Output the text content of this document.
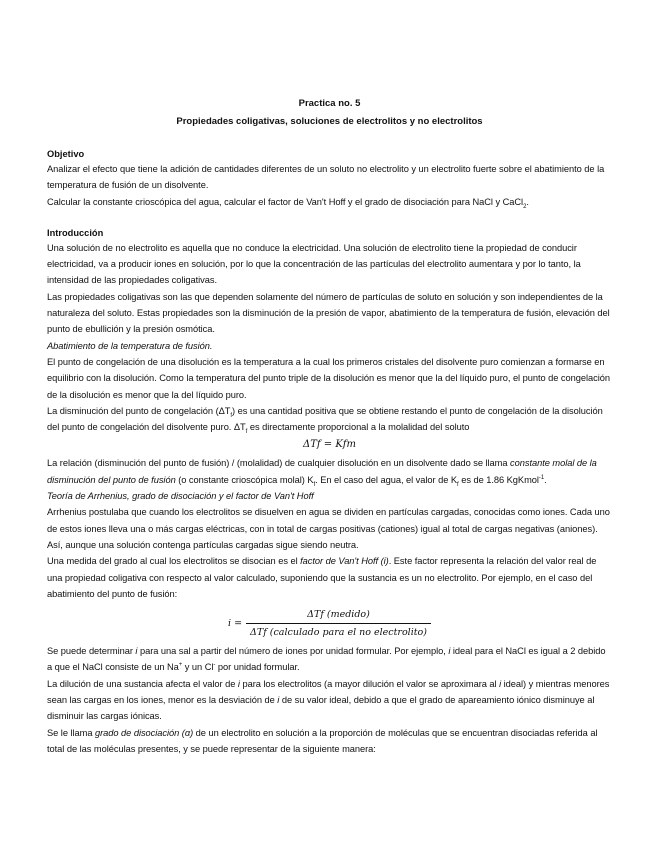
Practica no. 5
Propiedades coligativas, soluciones de electrolitos y no electrolitos
Objetivo

Analizar el efecto que tiene la adición de cantidades diferentes de un soluto no electrolito y un electrolito fuerte sobre el abatimiento de la temperatura de fusión de un disolvente.

Calcular la constante crioscópica del agua, calcular el factor de Van't Hoff y el grado de disociación para NaCl y CaCl$_2$.

Introducción

Una solución de no electrolito es aquella que no conduce la electricidad. Una solución de electrolito tiene la propiedad de conducir electricidad, va a producir iones en solución, por lo que la concentración de las partículas del electrolito aumentara y por lo tanto, la intensidad de las propiedades coligativas.

Las propiedades coligativas son las que dependen solamente del número de partículas de soluto en solución y son independientes de la naturaleza del soluto. Estas propiedades son la disminución de la presión de vapor, abatimiento de la temperatura de fusión, elevación del punto de ebullición y la presión osmótica.

Abatimiento de la temperatura de fusión.

El punto de congelación de una disolución es la temperatura a la cual los primeros cristales del disolvente puro comienzan a formarse en equilibrio con la disolución. Como la temperatura del punto triple de la disolución es menor que la del líquido puro, el punto de congelación de la disolución es menor que la del líquido puro.

La disminución del punto de congelación $(\Delta T_f)$ es una cantidad positiva que se obtiene restando el punto de congelación de la disolución del punto de congelación del disolvente puro. $\Delta T_f$ es directamente proporcional a la molalidad del soluto

ΔTf = Kfm

La relación (disminución del punto de fusión) / (molalidad) de cualquier disolución en un disolvente dado se llama constante molal de la disminución del punto de fusión (o constante crioscópica molal) $K_f$. En el caso del agua, el valor de $K_f$ es de 1.86 KgKmol$^{-1}$.

Teoría de Arrhenius, grado de disociación y el factor de Van't Hoff

Arrhenius postulaba que cuando los electrolitos se disuelven en agua se dividen en partículas cargadas, conocidas como iones. Cada uno de estos iones lleva una o más cargas eléctricas, con in total de cargas positivas (cationes) igual al total de cargas negativas (aniones). Así, aunque una solución contenga partículas cargadas sigue siendo neutra.

Una medida del grado al cual los electrolitos se disocian es el factor de Van't Hoff (i). Este factor representa la relación del valor real de una propiedad coligativa con respecto al valor calculado, suponiendo que la sustancia es un no electrolito. Por ejemplo, en el caso del abatimiento del punto de fusión:

$i = \frac{\text{ΔTf (medido)}}{\text{ΔTf (calculado para el no electrolito)}}$

Se puede determinar i para una sal a partir del número de iones por unidad formular. Por ejemplo, i ideal para el NaCl es igual a 2 debido a que el NaCl consiste de un Na+ y un Cl- por unidad formular.

La dilución de una sustancia afecta el valor de i para los electrolitos (a mayor dilución el valor se aproximara al i ideal) y mientras menores sean las cargas en los iones, menor es la desviación de i de su valor ideal, debido a que el grado de apareamiento iónico disminuye al disminuir las cargas iónicas.

Se le llama grado de disociación (α) de un electrolito en solución a la proporción de moléculas que se encuentran disociadas referida al total de las moléculas presentes, y se puede representar de la siguiente manera:
